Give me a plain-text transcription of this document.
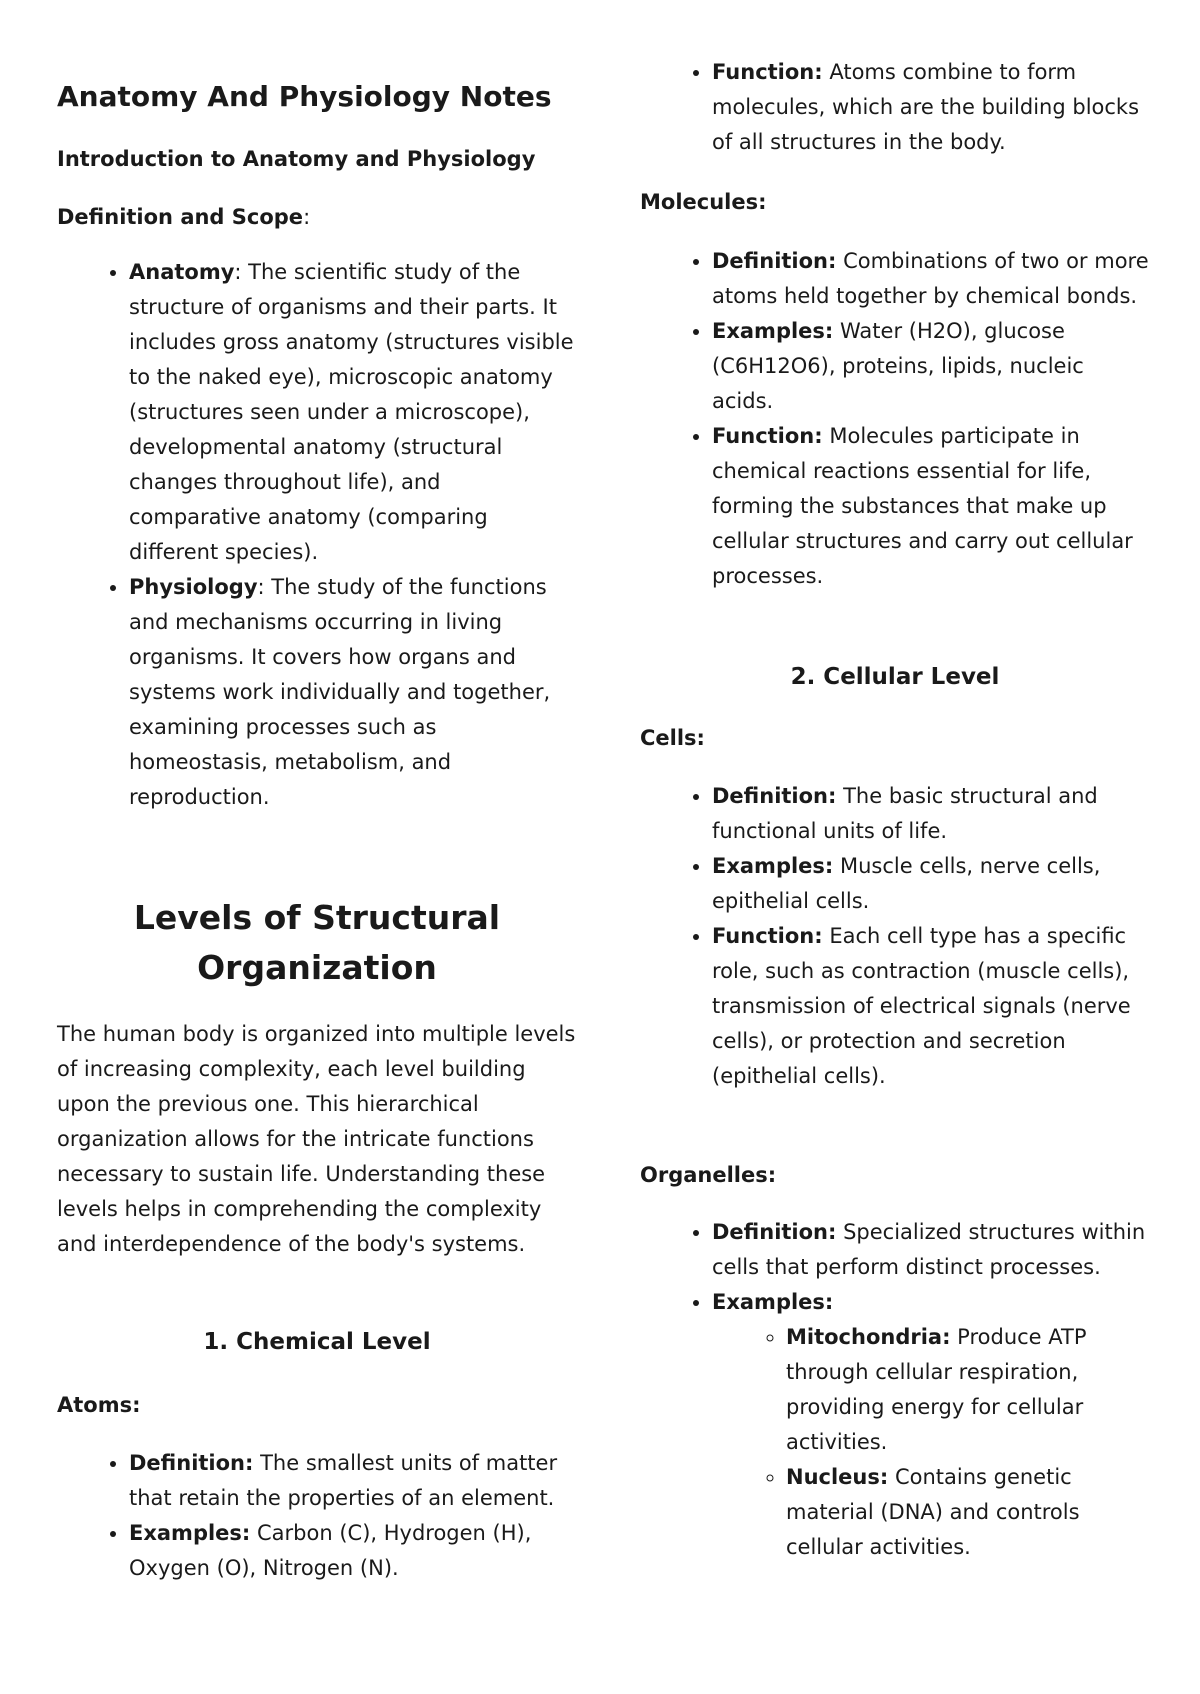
Anatomy And Physiology Notes
Introduction to Anatomy and Physiology

Definition and Scope:

• Anatomy: The scientific study of the structure of organisms and their parts. It includes gross anatomy (structures visible to the naked eye), microscopic anatomy (structures seen under a microscope), developmental anatomy (structural changes throughout life), and comparative anatomy (comparing different species).
• Physiology: The study of the functions and mechanisms occurring in living organisms. It covers how organs and systems work individually and together, examining processes such as homeostasis, metabolism, and reproduction.
Levels of Structural Organization

The human body is organized into multiple levels of increasing complexity, each level building upon the previous one. This hierarchical organization allows for the intricate functions necessary to sustain life. Understanding these levels helps in comprehending the complexity and interdependence of the body's systems.

1. Chemical Level

Atoms:

• Definition: The smallest units of matter that retain the properties of an element.
• Examples: Carbon (C), Hydrogen (H), Oxygen (O), Nitrogen (N).
• Function: Atoms combine to form molecules, which are the building blocks of all structures in the body.

Molecules:

• Definition: Combinations of two or more atoms held together by chemical bonds.
• Examples: Water (H2O), glucose (C6H12O6), proteins, lipids, nucleic acids.
• Function: Molecules participate in chemical reactions essential for life, forming the substances that make up cellular structures and carry out cellular processes.

2. Cellular Level

Cells:

• Definition: The basic structural and functional units of life.
• Examples: Muscle cells, nerve cells, epithelial cells.
• Function: Each cell type has a specific role, such as contraction (muscle cells), transmission of electrical signals (nerve cells), or protection and secretion (epithelial cells).

Organelles:

• Definition: Specialized structures within cells that perform distinct processes.
• Examples:
◦ Mitochondria: Produce ATP through cellular respiration, providing energy for cellular activities.
◦ Nucleus: Contains genetic material (DNA) and controls cellular activities.
